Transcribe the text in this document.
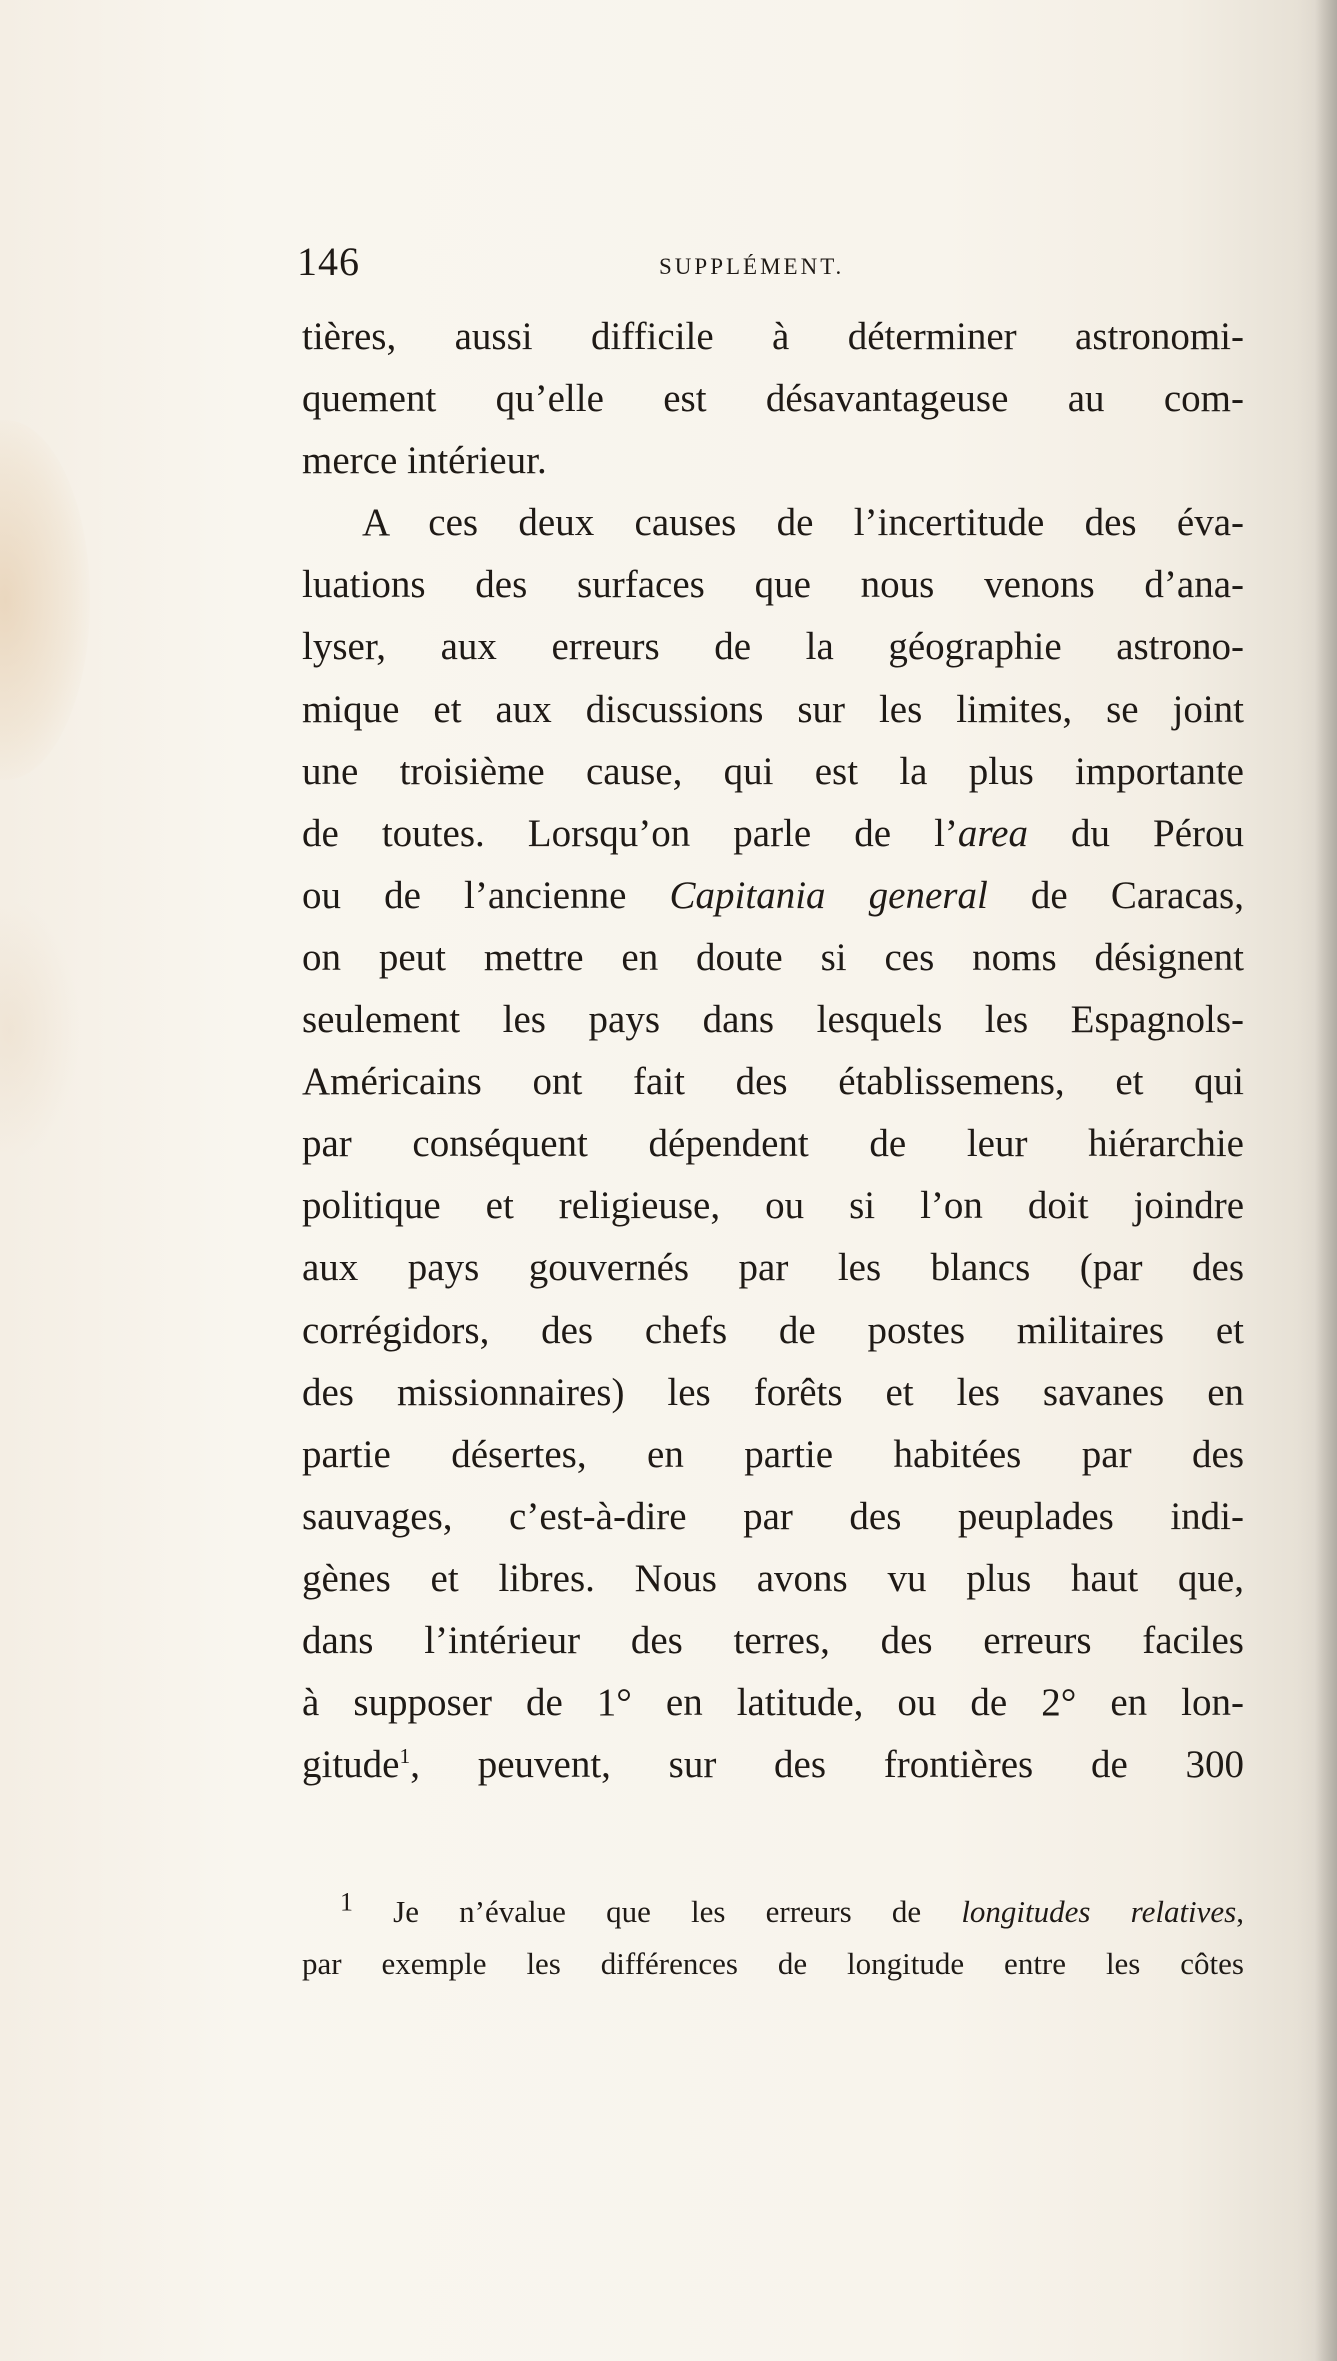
146	SUPPLÉMENT.
tières, aussi difficile à déterminer astronomi-
quement qu’elle est désavantageuse au com-
merce intérieur.
A ces deux causes de l’incertitude des éva-
luations des surfaces que nous venons d’ana-
lyser, aux erreurs de la géographie astrono-
mique et aux discussions sur les limites, se joint
une troisième cause, qui est la plus importante
de toutes. Lorsqu’on parle de l’area du Pérou
ou de l’ancienne Capitania general de Caracas,
on peut mettre en doute si ces noms désignent
seulement les pays dans lesquels les Espagnols-
Américains ont fait des établissemens, et qui
par conséquent dépendent de leur hiérarchie
politique et religieuse, ou si l’on doit joindre
aux pays gouvernés par les blancs (par des
corrégidors, des chefs de postes militaires et
des missionnaires) les forêts et les savanes en
partie désertes, en partie habitées par des
sauvages, c’est-à-dire par des peuplades indi-
gènes et libres. Nous avons vu plus haut que,
dans l’intérieur des terres, des erreurs faciles
à supposer de 1° en latitude, ou de 2° en lon-
gitude$^1$, peuvent, sur des frontières de 300
$^1$ Je n’évalue que les erreurs de longitudes relatives,
par exemple les différences de longitude entre les côtes
